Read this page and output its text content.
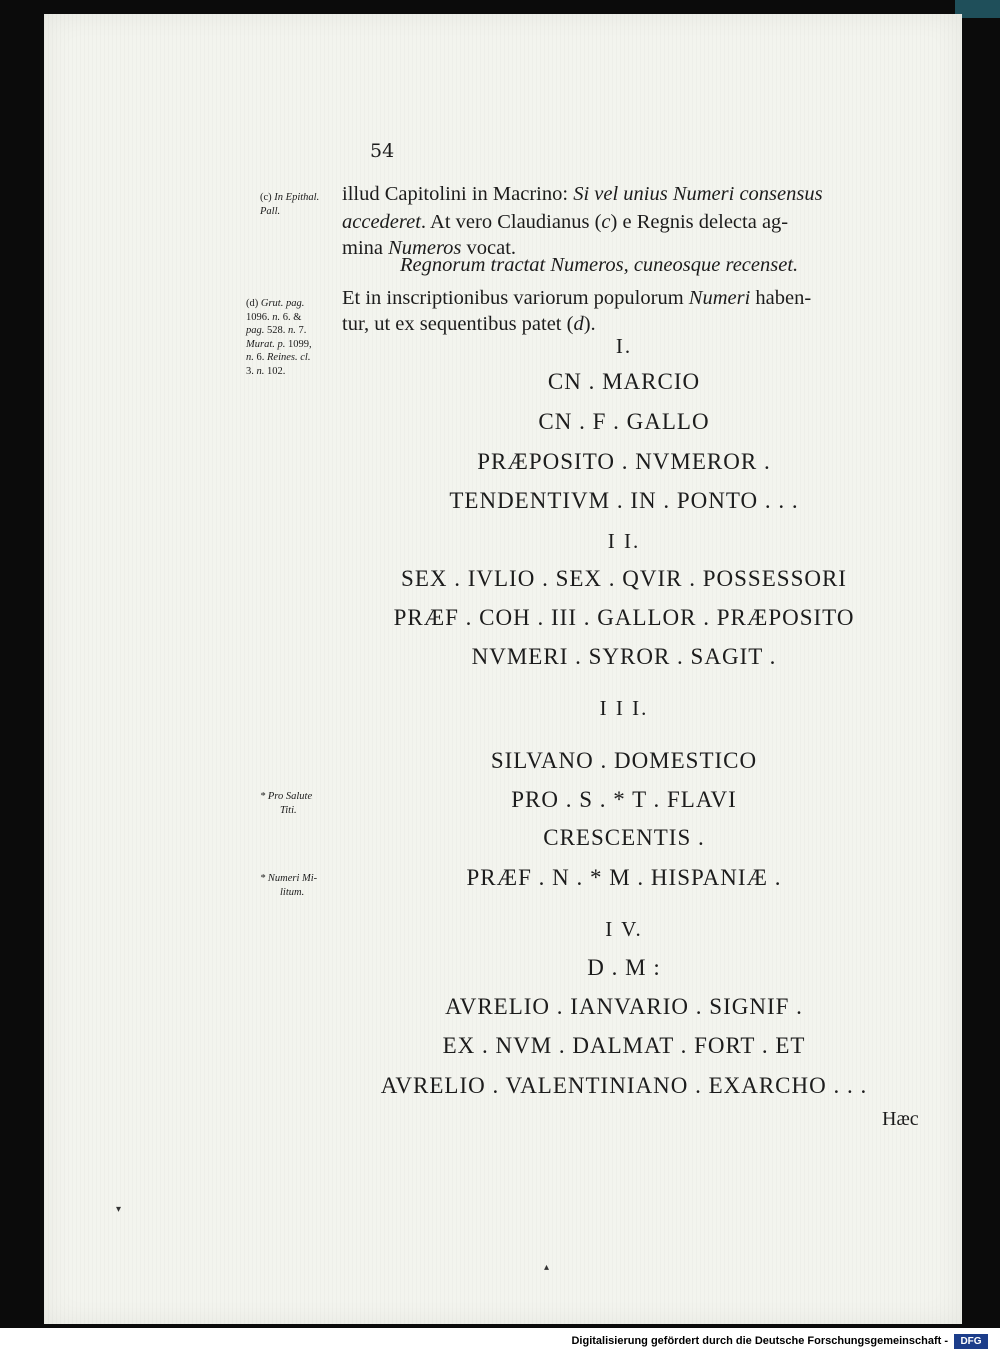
54
illud Capitolini in Macrino: Si vel unius Numeri consensus
accederet. At vero Claudianus (c) e Regnis delecta ag-
mina Numeros vocat.
Regnorum tractat Numeros, cuneosque recenset.
Et in inscriptionibus variorum populorum Numeri haben-
tur, ut ex sequentibus patet (d).
(c) In Epithal.
Pall.
(d) Grut. pag.
1096. n. 6. &
pag. 528. n. 7.
Murat. p. 1099,
n. 6. Reines. cl.
3. n. 102.
* Pro Salute
Titi.
* Numeri Mi-
litum.
I.
CN . MARCIO
CN . F . GALLO
PRÆPOSITO . NVMEROR .
TENDENTIVM . IN . PONTO . . .
I I.
SEX . IVLIO . SEX . QVIR . POSSESSORI
PRÆF . COH . III . GALLOR . PRÆPOSITO
NVMERI . SYROR . SAGIT .
I I I.
SILVANO . DOMESTICO
PRO . S . * T . FLAVI
CRESCENTIS .
PRÆF . N . * M . HISPANIÆ .
I V.
D . M :
AVRELIO . IANVARIO . SIGNIF .
EX . NVM . DALMAT . FORT . ET
AVRELIO . VALENTINIANO . EXARCHO . . .
Hæc
▾
▴
Digitalisierung gefördert durch die Deutsche Forschungsgemeinschaft -	DFG
